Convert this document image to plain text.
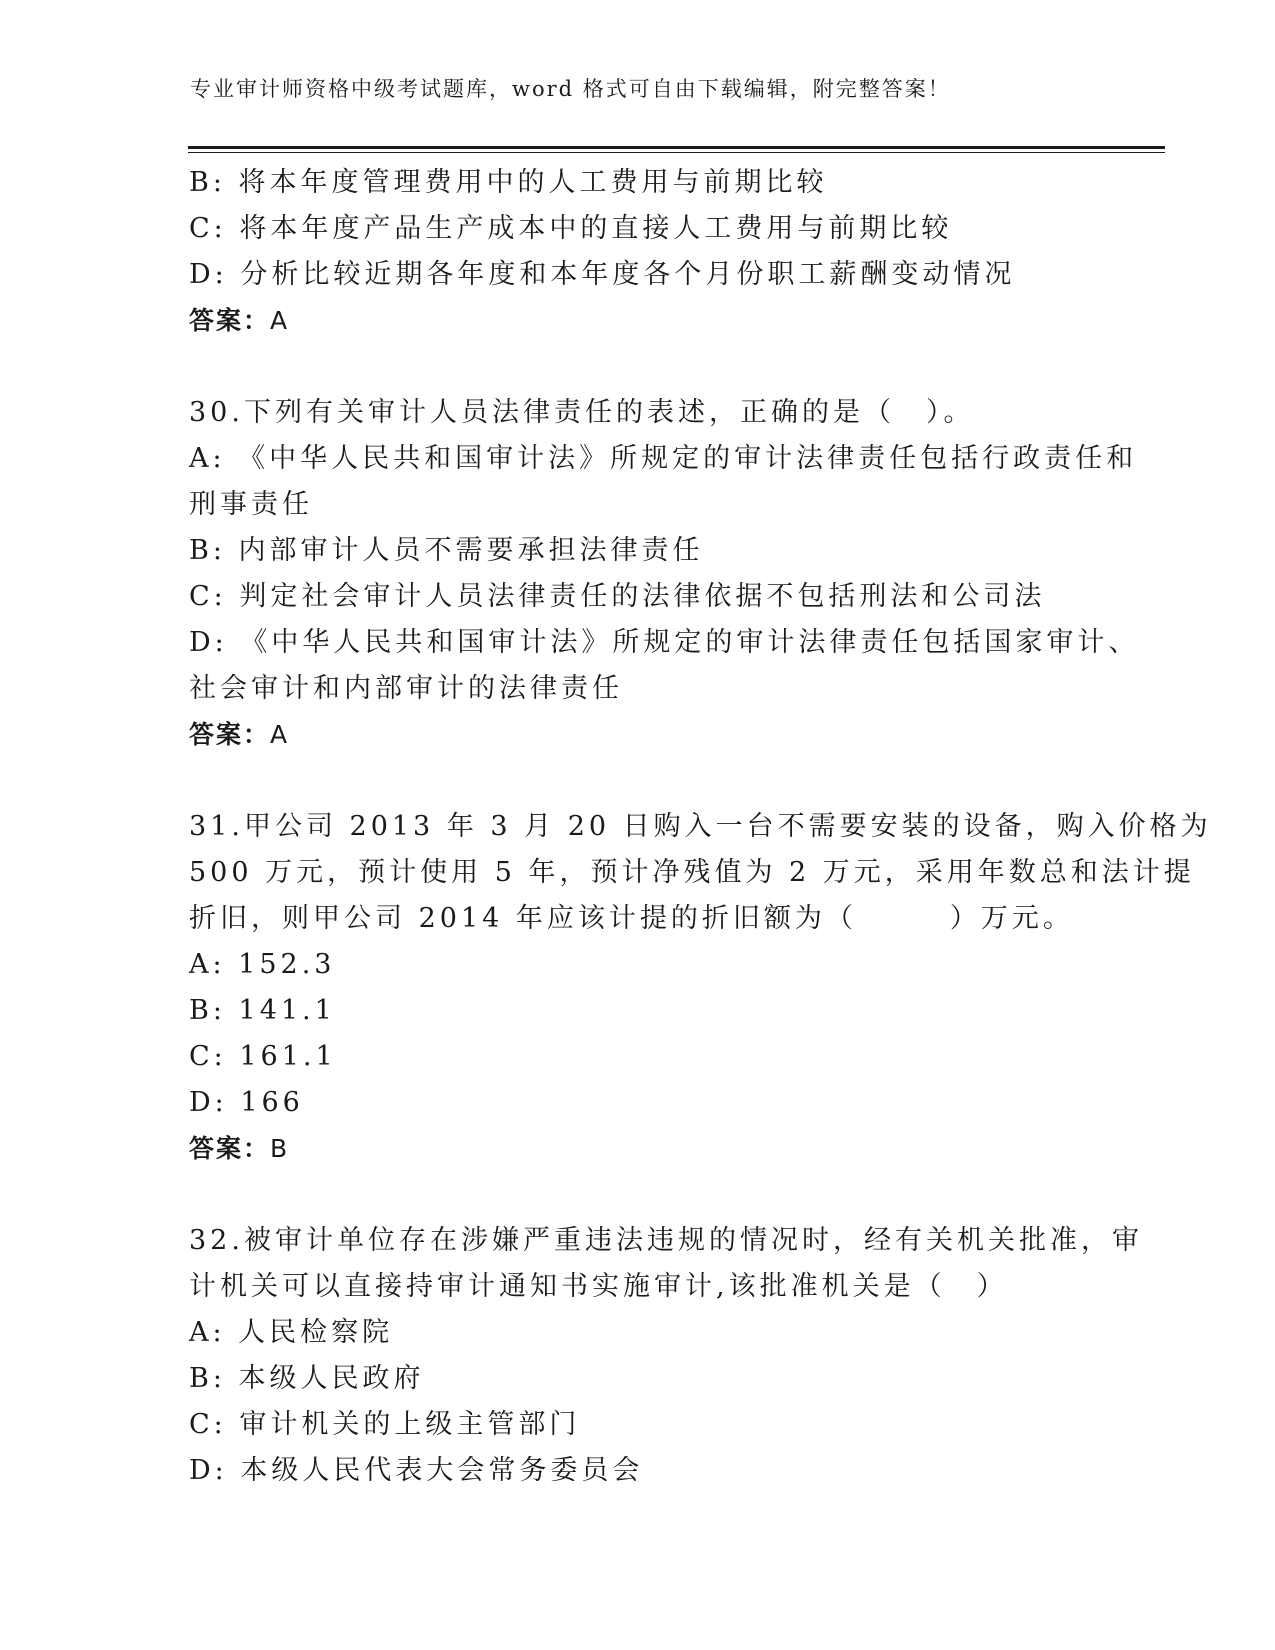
专业审计师资格中级考试题库，word 格式可自由下载编辑，附完整答案！
B: 将本年度管理费用中的人工费用与前期比较
C: 将本年度产品生产成本中的直接人工费用与前期比较
D: 分析比较近期各年度和本年度各个月份职工薪酬变动情况
答案：A
30.下列有关审计人员法律责任的表述，正确的是（　）。
A: 《中华人民共和国审计法》所规定的审计法律责任包括行政责任和
刑事责任
B: 内部审计人员不需要承担法律责任
C: 判定社会审计人员法律责任的法律依据不包括刑法和公司法
D: 《中华人民共和国审计法》所规定的审计法律责任包括国家审计、
社会审计和内部审计的法律责任
答案：A
31.甲公司 2013 年 3 月 20 日购入一台不需要安装的设备，购入价格为
500 万元，预计使用 5 年，预计净残值为 2 万元，采用年数总和法计提
折旧，则甲公司 2014 年应该计提的折旧额为（　　　）万元。
A: 152.3
B: 141.1
C: 161.1
D: 166
答案：B
32.被审计单位存在涉嫌严重违法违规的情况时，经有关机关批准，审
计机关可以直接持审计通知书实施审计,该批准机关是（　）
A: 人民检察院
B: 本级人民政府
C: 审计机关的上级主管部门
D: 本级人民代表大会常务委员会
